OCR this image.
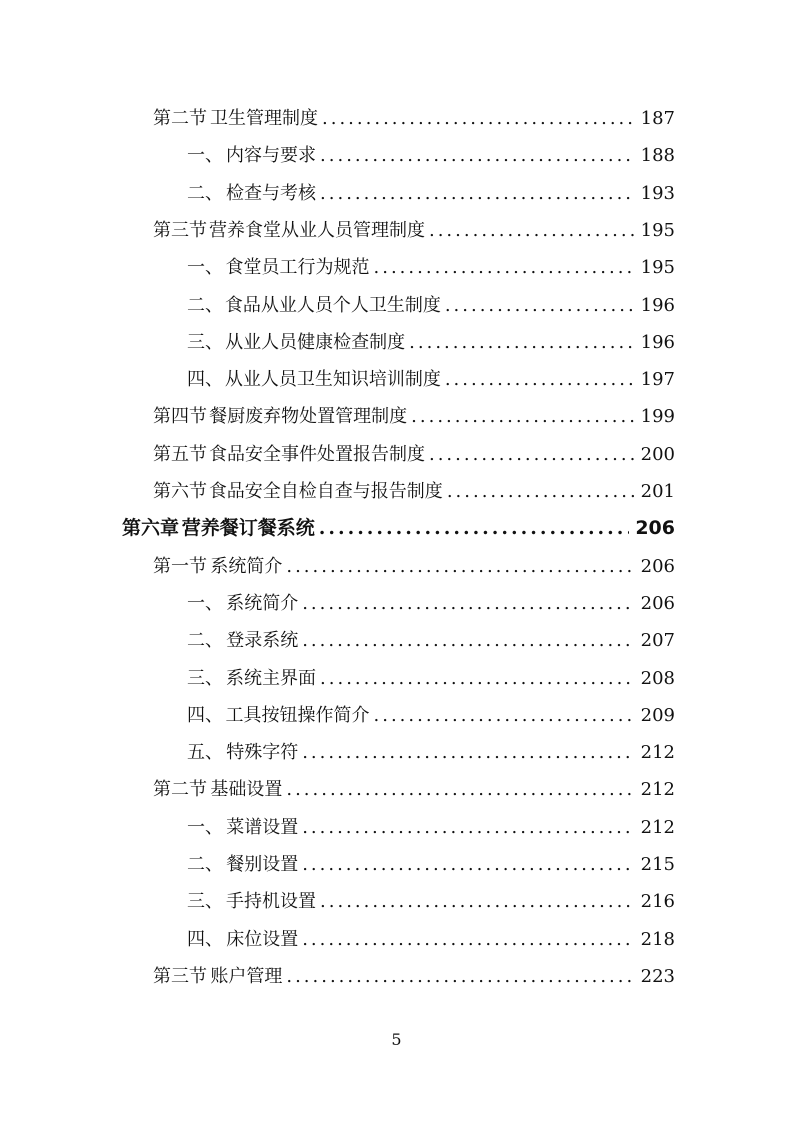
第二节 卫生管理制度 .....	187
一、 内容与要求 .....	188
二、 检查与考核 .....	193
第三节 营养食堂从业人员管理制度 .....	195
一、 食堂员工行为规范 .....	195
二、 食品从业人员个人卫生制度 .....	196
三、 从业人员健康检查制度 .....	196
四、 从业人员卫生知识培训制度 .....	197
第四节 餐厨废弃物处置管理制度 .....	199
第五节 食品安全事件处置报告制度 .....	200
第六节 食品安全自检自查与报告制度 .....	201
第六章 营养餐订餐系统 .....	206
第一节 系统简介 .....	206
一、 系统简介 .....	206
二、 登录系统 .....	207
三、 系统主界面 .....	208
四、 工具按钮操作简介 .....	209
五、 特殊字符 .....	212
第二节 基础设置 .....	212
一、 菜谱设置 .....	212
二、 餐别设置 .....	215
三、 手持机设置 .....	216
四、 床位设置 .....	218
第三节 账户管理 .....	223
5
